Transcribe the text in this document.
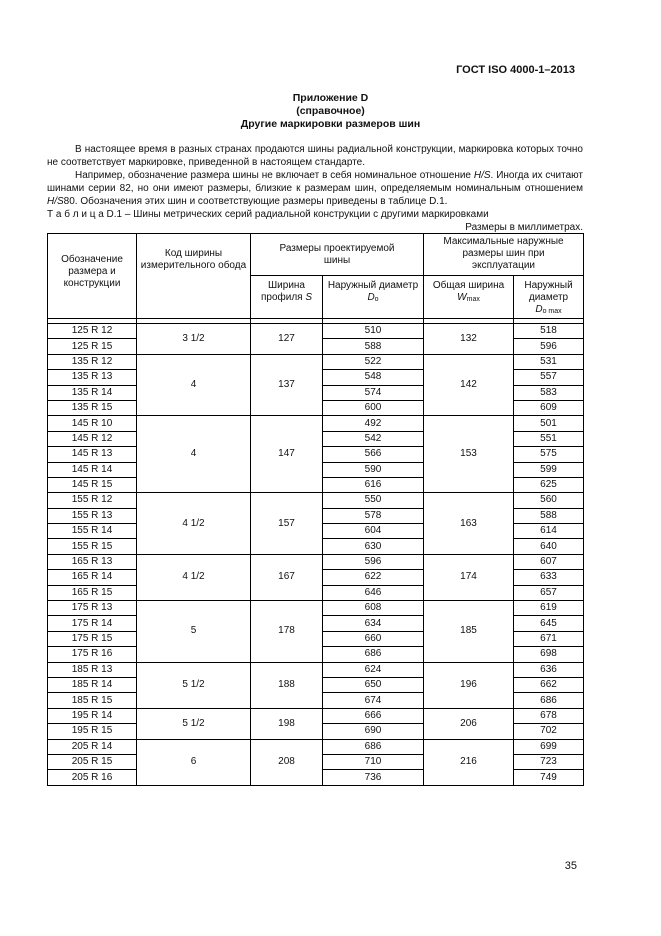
ГОСТ ISO 4000-1–2013
Приложение D
(справочное)
Другие маркировки размеров шин
В настоящее время в разных странах продаются шины радиальной конструкции, маркировка которых точно не соответствует маркировке, приведенной в настоящем стандарте.
Например, обозначение размера шины не включает в себя номинальное отношение H/S. Иногда их считают шинами серии 82, но они имеют размеры, близкие к размерам шин, определяемым номинальным отношением H/S80. Обозначения этих шин и соответствующие размеры приведены в таблице D.1.
Т а б л и ц а D.1 – Шины метрических серий радиальной конструкции с другими маркировками
Размеры в миллиметрах.
Обозначение размера и конструкции	Код ширины измерительного обода	Размеры проектируемой шины		Максимальные наружные размеры шин при эксплуатации	
		Ширина профиля S	Наружный диаметр Do	Общая ширина Wmax	Наружный диаметр
Do max

125 R 12	3 1/2	127	510	132	518
125 R 15			588		596
135 R 12	4	137	522	142	531
135 R 13			548		557
135 R 14			574		583
135 R 15			600		609
145 R 10	4	147	492	153	501
145 R 12			542		551
145 R 13			566		575
145 R 14			590		599
145 R 15			616		625
155 R 12	4 1/2	157	550	163	560
155 R 13			578		588
155 R 14			604		614
155 R 15			630		640
165 R 13	4 1/2	167	596	174	607
165 R 14			622		633
165 R 15			646		657
175 R 13	5	178	608	185	619
175 R 14			634		645
175 R 15			660		671
175 R 16			686		698
185 R 13	5 1/2	188	624	196	636
185 R 14			650		662
185 R 15			674		686
195 R 14	5 1/2	198	666	206	678
195 R 15			690		702
205 R 14	6	208	686	216	699
205 R 15			710		723
205 R 16			736		749
35
